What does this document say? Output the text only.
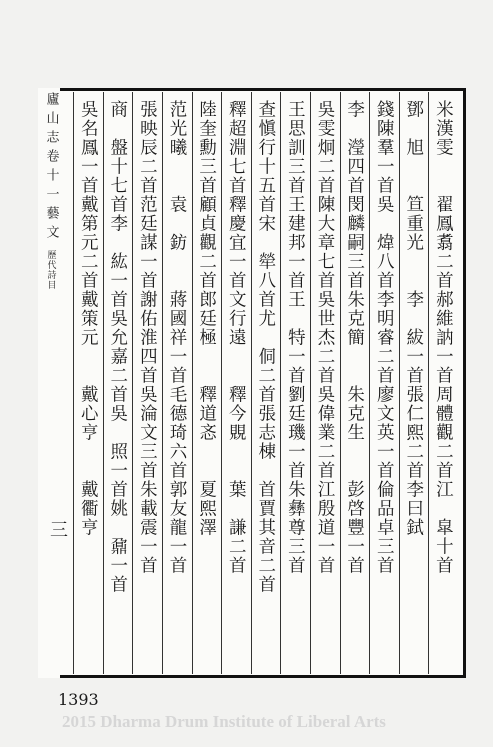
米漢雯　　翟鳳翥二首郝維訥一首周體觀二首江　皐十首
鄧　旭　　笪重光　　李　紱一首張仁熙二首李曰鉽
錢陳羣一首吳　煒八首李明睿二首廖文英一首倫品卓三首
李　瀅四首閔麟嗣三首朱克簡　　朱克生　　彭啓豐一首
吳雯炯二首陳大章七首吳世杰二首吳偉業二首江殷道一首
王思訓三首王建邦一首王　特一首劉廷璣一首朱彝尊三首
查愼行十五首宋　犖八首尤　侗二首張志棟　首賈其音二首
釋超淵七首釋慶宜一首文行遠　　釋今覞　　葉　謙二首
陸奎勳三首顧貞觀二首郎廷極　　釋道忞　　夏熙澤
范光曦　　袁　鈁　　蔣國祥一首毛德琦六首郭友龍一首
張映辰二首范廷謀一首謝佑淮四首吳淪文三首朱載震一首
商　盤十七首李　紘一首吳允嘉二首吳　照一首姚　鼐一首
吳名鳳一首戴第元二首戴策元　　戴心亨　　戴衢亨
廬山志
卷十一
藝文
歷代詩目
三
1393
2015 Dharma Drum Institute of Liberal Arts
